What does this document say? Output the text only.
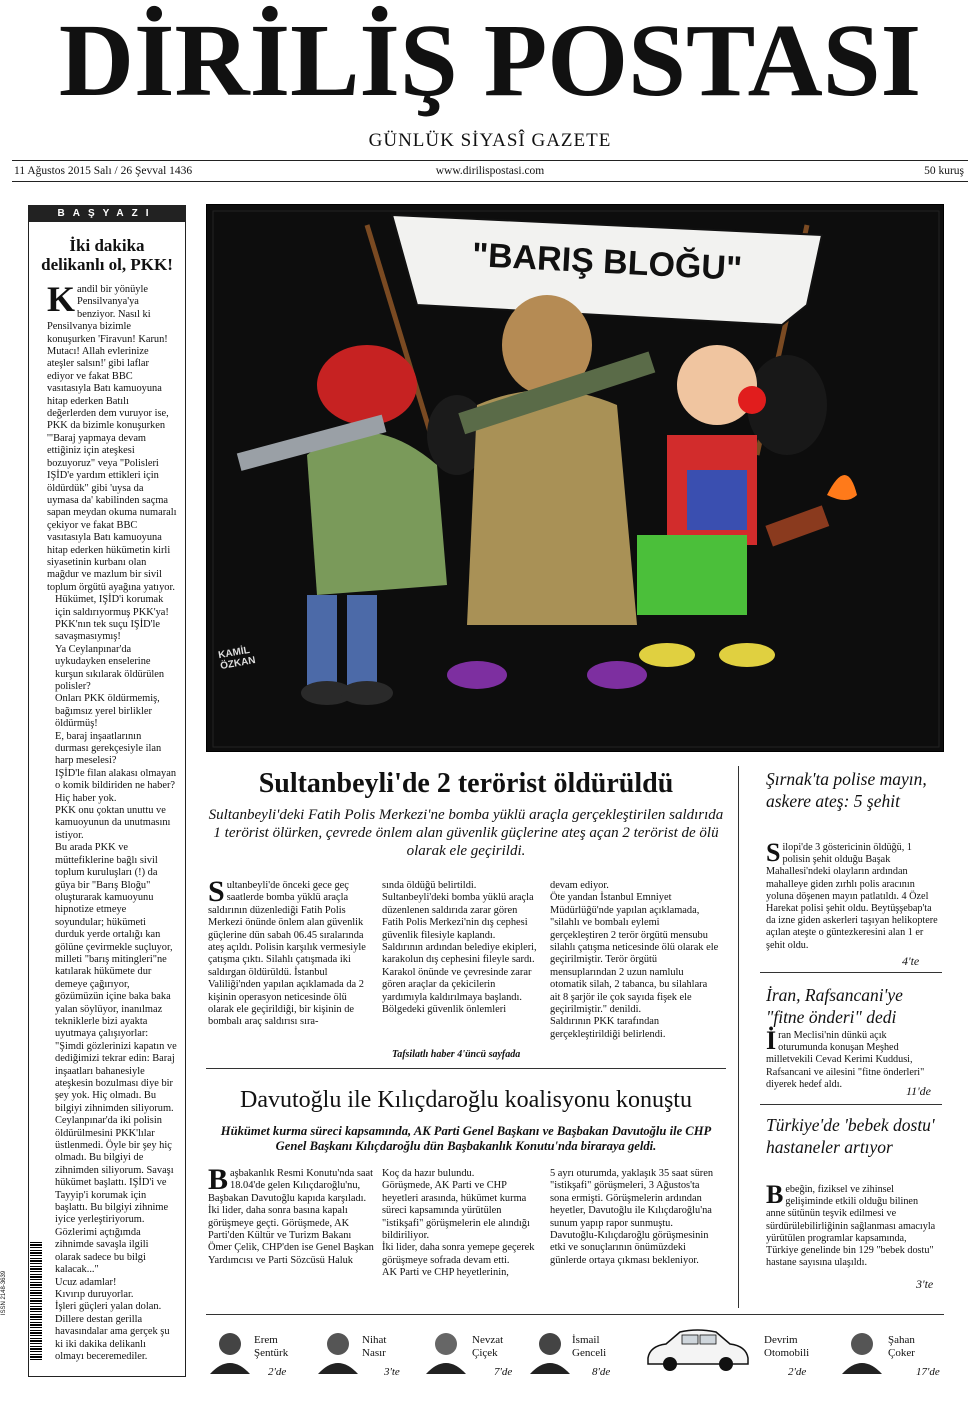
DİRİLİŞ POSTASI
GÜNLÜK SİYASÎ GAZETE
11 Ağustos 2015 Salı / 26 Şevval 1436	www.dirilispostasi.com	50 kuruş
BAŞYAZI
İki dakika delikanlı ol, PKK!

Kandil bir yönüyle Pensilvanya'ya benziyor. Nasıl ki Pensilvanya bizimle konuşurken 'Firavun! Karun! Mutacı! Allah evlerinize ateşler salsın!' gibi laflar ediyor ve fakat BBC vasıtasıyla Batı kamuoyuna hitap ederken Batılı değerlerden dem vuruyor ise, PKK da bizimle konuşurken '"Baraj yapmaya devam ettiğiniz için ateşkesi bozuyoruz" veya "Polisleri IŞİD'e yardım ettikleri için öldürdük" gibi 'uysa da uymasa da' kabilinden saçma sapan meydan okuma numaralı çekiyor ve fakat BBC vasıtasıyla Batı kamuoyuna hitap ederken hükümetin kirli siyasetinin kurbanı olan mağdur ve mazlum bir sivil toplum örgütü ayağına yatıyor.

Hükümet, IŞİD'i korumak için saldırıyormuş PKK'ya!

PKK'nın tek suçu IŞİD'le savaşmasıymış!

Ya Ceylanpınar'da uykudayken enselerine kurşun sıkılarak öldürülen polisler?

Onları PKK öldürmemiş, bağımsız yerel birlikler öldürmüş!

E, baraj inşaatlarının durması gerekçesiyle ilan harp meselesi?

IŞİD'le filan alakası olmayan o komik bildiriden ne haber?

Hiç haber yok.

PKK onu çoktan unuttu ve kamuoyunun da unutmasını istiyor.

Bu arada PKK ve müttefiklerine bağlı sivil toplum kuruluşları (!) da güya bir "Barış Bloğu" oluşturarak kamuoyunu hipnotize etmeye soyundular; hükümeti durduk yerde ortalığı kan gölüne çevirmekle suçluyor, milleti "barış mitingleri"ne katılarak hükümete dur demeye çağırıyor, gözümüzün içine baka baka yalan söylüyor, inanılmaz tekniklerle bizi ayakta uyutmaya çalışıyorlar: "Şimdi gözlerinizi kapatın ve dediğimizi tekrar edin: Baraj inşaatları bahanesiyle ateşkesin bozulması diye bir şey yok. Hiç olmadı. Bu bilgiyi zihnimden siliyorum. Ceylanpınar'da iki polisin öldürülmesini PKK'lılar üstlenmedi. Öyle bir şey hiç olmadı. Bu bilgiyi de zihnimden siliyorum. Savaşı hükümet başlattı. IŞİD'i ve Tayyip'i korumak için başlattı. Bu bilgiyi zihnime iyice yerleştiriyorum. Gözlerimi açtığımda zihnimde savaşla ilgili olarak sadece bu bilgi kalacak..."

Ucuz adamlar!

Kıvırıp duruyorlar.

İşleri güçleri yalan dolan.

Dillere destan gerilla havasındalar ama gerçek şu ki iki dakika delikanlı olmayı beceremediler.

ISSN 2148-3639
"BARIŞ BLOĞU"
KAMİL ÖZKAN
Sultanbeyli'de 2 terörist öldürüldü
Sultanbeyli'deki Fatih Polis Merkezi'ne bomba yüklü araçla gerçekleştirilen saldırıda 1 terörist ölürken, çevrede önlem alan güvenlik güçlerine ateş açan 2 terörist de ölü olarak ele geçirildi.

Sultanbeyli'de önceki gece geç saatlerde bomba yüklü araçla saldırının düzenlediği Fatih Polis Merkezi önünde önlem alan güvenlik güçlerine dün sabah 06.45 sıralarında ateş açıldı. Polisin karşılık vermesiyle çatışma çıktı. Silahlı çatışmada iki saldırgan öldürüldü. İstanbul Valiliği'nden yapılan açıklamada da 2 kişinin operasyon neticesinde ölü olarak ele geçirildiği, bir kişinin de bombalı araç saldırısı sıra-

sında öldüğü belirtildi.

Sultanbeyli'deki bomba yüklü araçla düzenlenen saldırıda zarar gören Fatih Polis Merkezi'nin dış cephesi güvenlik filesiyle kaplandı.

Saldırının ardından belediye ekipleri, karakolun dış cephesini fileyle sardı.

Karakol önünde ve çevresinde zarar gören araçlar da çekicilerin yardımıyla kaldırılmaya başlandı.

Bölgedeki güvenlik önlemleri

devam ediyor.

Öte yandan İstanbul Emniyet Müdürlüğü'nde yapılan açıklamada, "silahlı ve bombalı eylemi gerçekleştiren 2 terör örgütü mensubu silahlı çatışma neticesinde ölü olarak ele geçirilmiştir. Terör örgütü mensuplarından 2 uzun namlulu otomatik silah, 2 tabanca, bu silahlara ait 8 şarjör ile çok sayıda fişek ele geçirilmiştir." denildi.

Saldırının PKK tarafından gerçekleştirildiği belirlendi.

Tafsilatlı haber 4'üncü sayfada
Davutoğlu ile Kılıçdaroğlu koalisyonu konuştu
Hükümet kurma süreci kapsamında, AK Parti Genel Başkanı ve Başbakan Davutoğlu ile CHP Genel Başkanı Kılıçdaroğlu dün Başbakanlık Konutu'nda biraraya geldi.

Başbakanlık Resmi Konutu'nda saat 18.04'de gelen Kılıçdaroğlu'nu, Başbakan Davutoğlu kapıda karşıladı. İki lider, daha sonra basına kapalı görüşmeye geçti. Görüşmede, AK Parti'den Kültür ve Turizm Bakanı Ömer Çelik, CHP'den ise Genel Başkan Yardımcısı ve Parti Sözcüsü Haluk

Koç da hazır bulundu.

Görüşmede, AK Parti ve CHP heyetleri arasında, hükümet kurma süreci kapsamında yürütülen "istikşafi" görüşmelerin ele alındığı bildiriliyor.

İki lider, daha sonra yemepe geçerek görüşmeye sofrada devam etti.

AK Parti ve CHP heyetlerinin,

5 ayrı oturumda, yaklaşık 35 saat süren "istikşafi" görüşmeleri, 3 Ağustos'ta sona ermişti. Görüşmelerin ardından heyetler, Davutoğlu ile Kılıçdaroğlu'na sunum yapıp rapor sunmuştu.

Davutoğlu-Kılıçdaroğlu görüşmesinin etki ve sonuçlarının önümüzdeki günlerde ortaya çıkması bekleniyor.

Şırnak'ta polise mayın, askere ateş: 5 şehit
Silopi'de 3 göstericinin öldüğü, 1 polisin şehit olduğu Başak Mahallesi'ndeki olayların ardından mahalleye giden zırhlı polis aracının yoluna döşenen mayın patlatıldı. 4 Özel Harekat polisi şehit oldu. Beytüşşebap'ta da izne giden askerleri taşıyan helikoptere açılan ateşte o güntezkeresini alan 1 er şehit oldu.
4'te
İran, Rafsancani'ye "fitne önderi" dedi
İran Meclisi'nin dünkü açık oturumunda konuşan Meşhed milletvekili Cevad Kerimi Kuddusi, Rafsancani ve ailesini "fitne önderleri" diyerek hedef aldı.	11'de
Türkiye'de 'bebek dostu' hastaneler artıyor
Bebeğin, fiziksel ve zihinsel gelişiminde etkili olduğu bilinen anne sütünün teşvik edilmesi ve sürdürülebilirliğinin sağlanması amacıyla yürütülen programlar kapsamında, Türkiye genelinde bin 129 "bebek dostu" hastane sayısına ulaşıldı.
3'te
Erem
Şentürk
2'de
Nihat
Nasır
3'te
Nevzat
Çiçek
7'de
İsmail
Genceli
8'de
Devrim
Otomobili
2'de
Şahan
Çoker
17'de
